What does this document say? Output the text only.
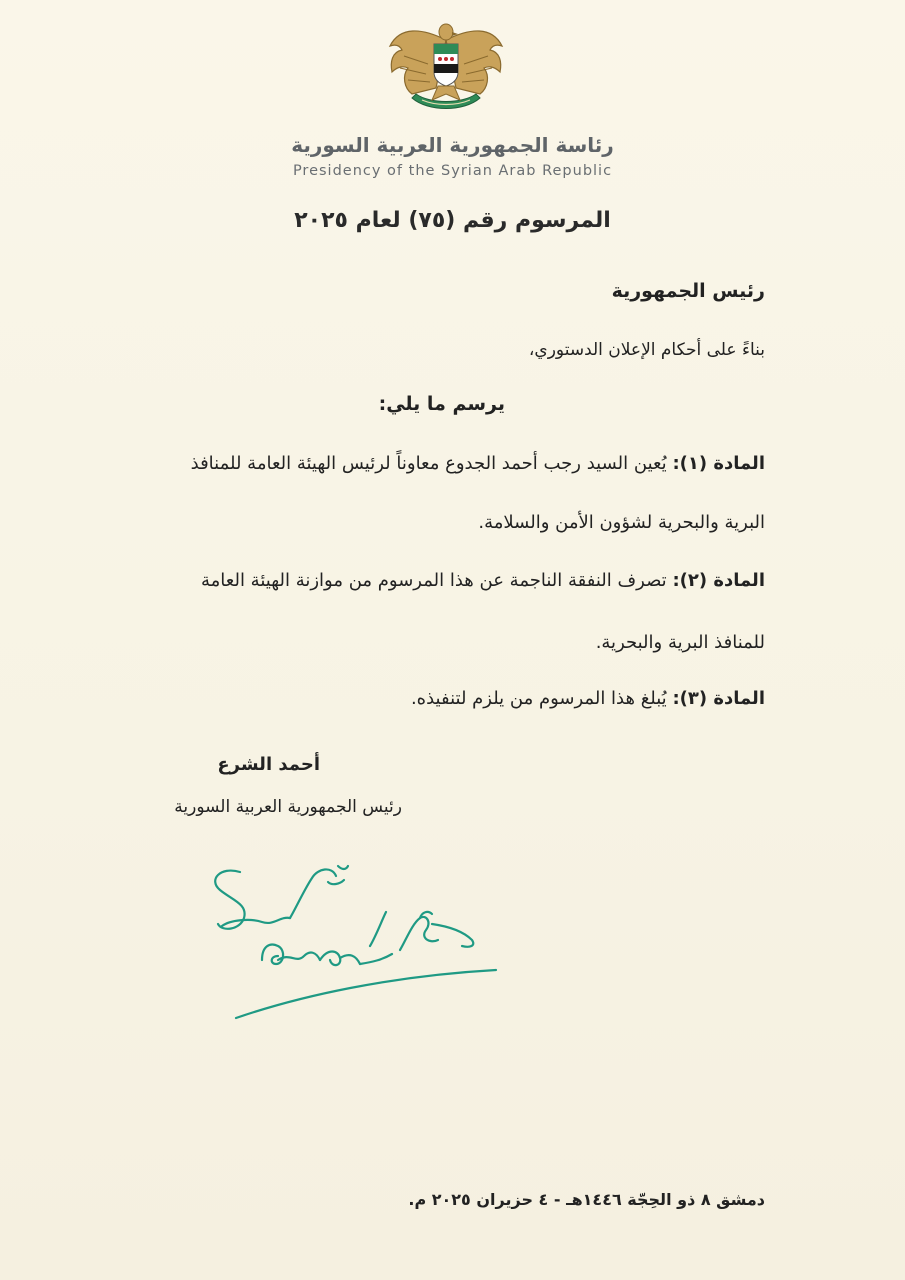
رئاسة الجمهورية العربية السورية
Presidency of the Syrian Arab Republic
المرسوم رقم (٧٥) لعام ٢٠٢٥
رئيس الجمهورية
بناءً على أحكام الإعلان الدستوري،
يرسم ما يلي:
المادة (١): يُعين السيد رجب أحمد الجدوع معاوناً لرئيس الهيئة العامة للمنافذ
البرية والبحرية لشؤون الأمن والسلامة.
المادة (٢): تصرف النفقة الناجمة عن هذا المرسوم من موازنة الهيئة العامة
للمنافذ البرية والبحرية.
المادة (٣): يُبلغ هذا المرسوم من يلزم لتنفيذه.
أحمد الشرع
رئيس الجمهورية العربية السورية
دمشق ٨ ذو الحِجّة ١٤٤٦هـ - ٤ حزيران ٢٠٢٥ م.
